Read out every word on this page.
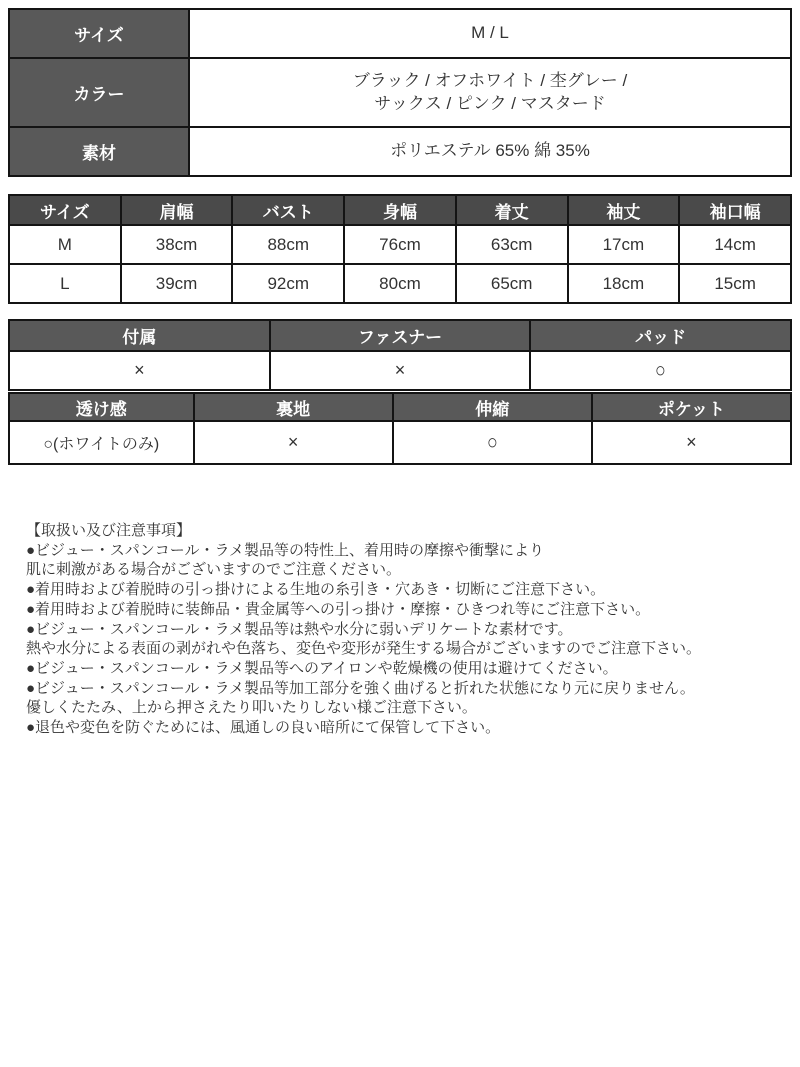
サイズ	M / L
カラー	ブラック / オフホワイト / 杢グレー /
サックス / ピンク / マスタード
素材	ポリエステル 65% 綿 35%
サイズ	肩幅	バスト	身幅	着丈	袖丈	袖口幅
M	38cm	88cm	76cm	63cm	17cm	14cm
L	39cm	92cm	80cm	65cm	18cm	15cm
付属	ファスナー	パッド
×	×	○
透け感	裏地	伸縮	ポケット
○(ホワイトのみ)	×	○	×
【取扱い及び注意事項】
●ビジュー・スパンコール・ラメ製品等の特性上、着用時の摩擦や衝撃により
肌に刺激がある場合がございますのでご注意ください。
●着用時および着脱時の引っ掛けによる生地の糸引き・穴あき・切断にご注意下さい。
●着用時および着脱時に装飾品・貴金属等への引っ掛け・摩擦・ひきつれ等にご注意下さい。
●ビジュー・スパンコール・ラメ製品等は熱や水分に弱いデリケートな素材です。
熱や水分による表面の剥がれや色落ち、変色や変形が発生する場合がございますのでご注意下さい。
●ビジュー・スパンコール・ラメ製品等へのアイロンや乾燥機の使用は避けてください。
●ビジュー・スパンコール・ラメ製品等加工部分を強く曲げると折れた状態になり元に戻りません。
優しくたたみ、上から押さえたり叩いたりしない様ご注意下さい。
●退色や変色を防ぐためには、風通しの良い暗所にて保管して下さい。
